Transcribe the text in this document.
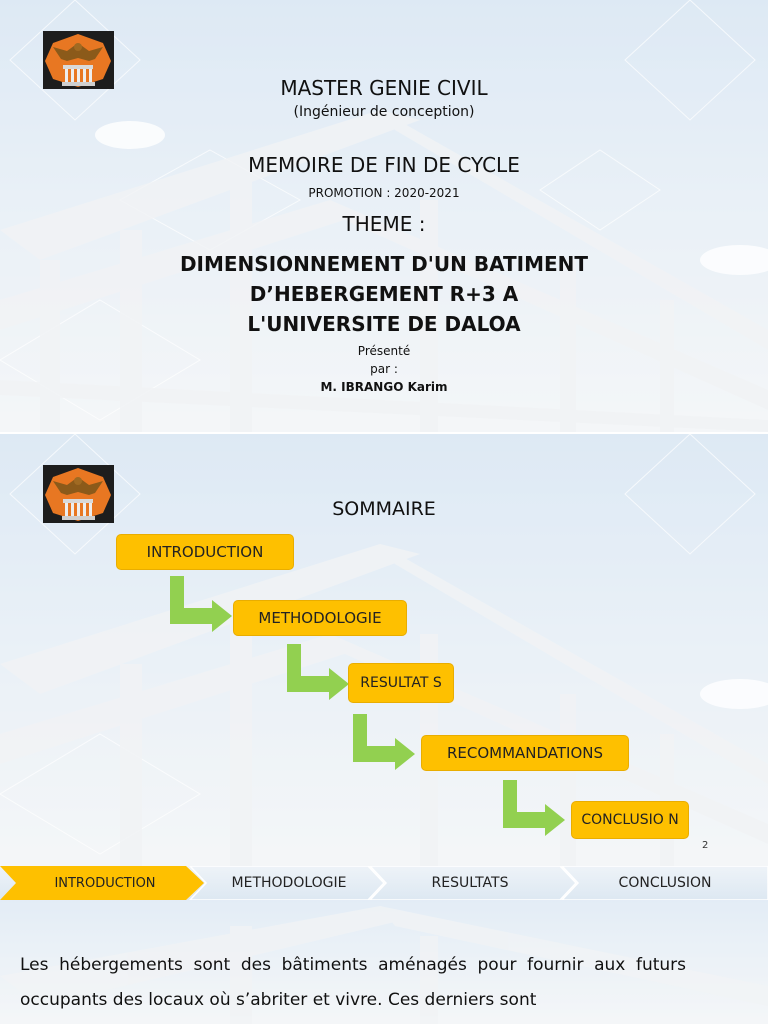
MASTER GENIE CIVIL
(Ingénieur de conception)
MEMOIRE DE FIN DE CYCLE
PROMOTION : 2020-2021
THEME :
DIMENSIONNEMENT D'UN BATIMENT D’HEBERGEMENT R+3 A L'UNIVERSITE DE DALOA
Présenté
par :
M. IBRANGO Karim
SOMMAIRE
INTRODUCTION
METHODOLOGIE
RESULTAT S
RECOMMANDATIONS
CONCLUSIO N
2
INTRODUCTION	METHODOLOGIE	RESULTATS	CONCLUSION
Les hébergements sont des bâtiments aménagés pour fournir aux futurs occupants des locaux où s’abriter et vivre. Ces derniers sont
